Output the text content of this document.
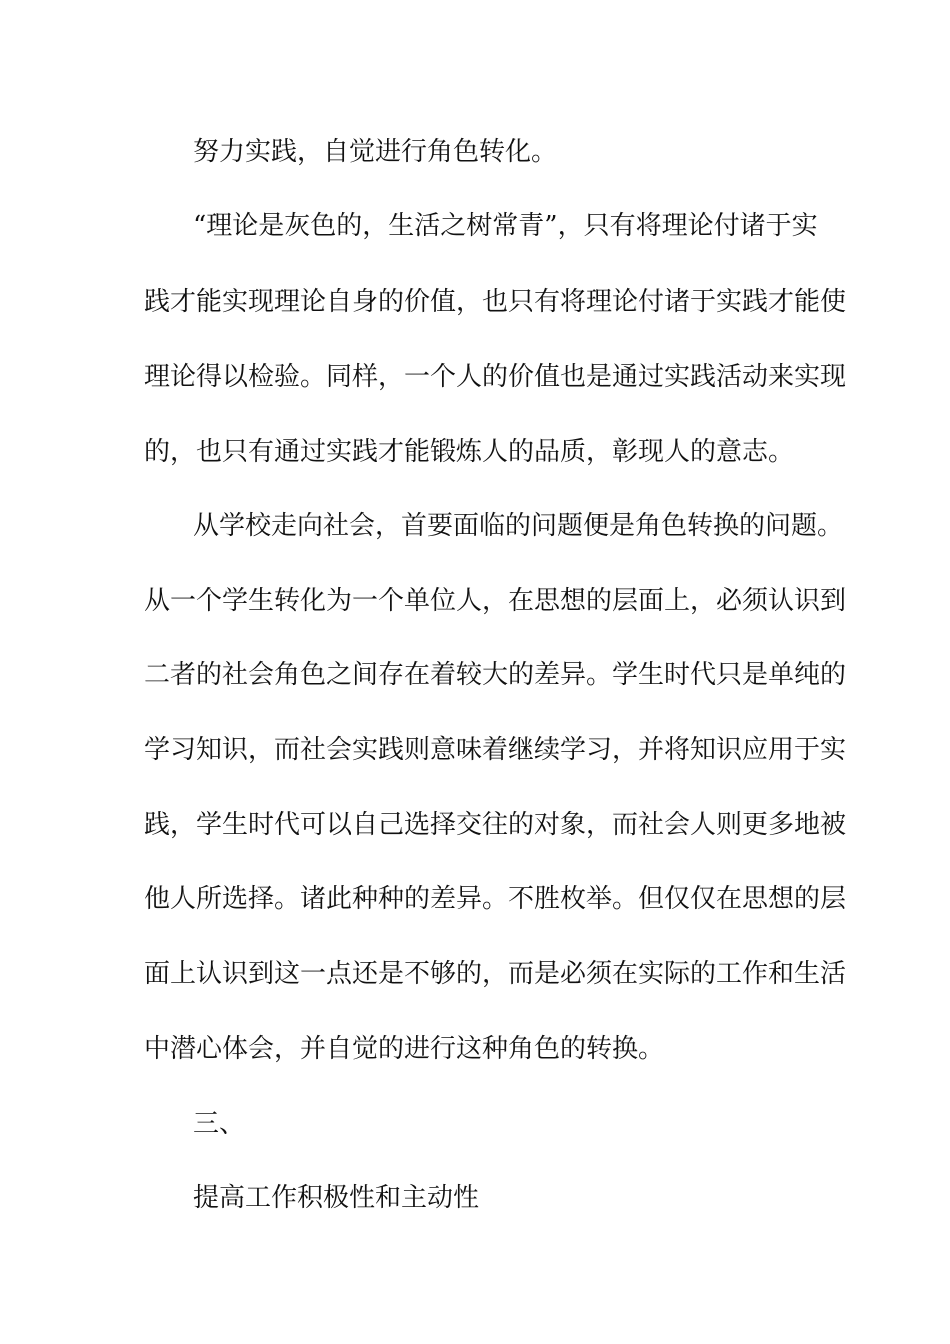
努力实践，自觉进行角色转化。
“理论是灰色的，生活之树常青”，只有将理论付诸于实
践才能实现理论自身的价值，也只有将理论付诸于实践才能使
理论得以检验。同样，一个人的价值也是通过实践活动来实现
的，也只有通过实践才能锻炼人的品质，彰现人的意志。
从学校走向社会，首要面临的问题便是角色转换的问题。
从一个学生转化为一个单位人，在思想的层面上，必须认识到
二者的社会角色之间存在着较大的差异。学生时代只是单纯的
学习知识，而社会实践则意味着继续学习，并将知识应用于实
践，学生时代可以自己选择交往的对象，而社会人则更多地被
他人所选择。诸此种种的差异。不胜枚举。但仅仅在思想的层
面上认识到这一点还是不够的，而是必须在实际的工作和生活
中潜心体会，并自觉的进行这种角色的转换。
三、
提高工作积极性和主动性
